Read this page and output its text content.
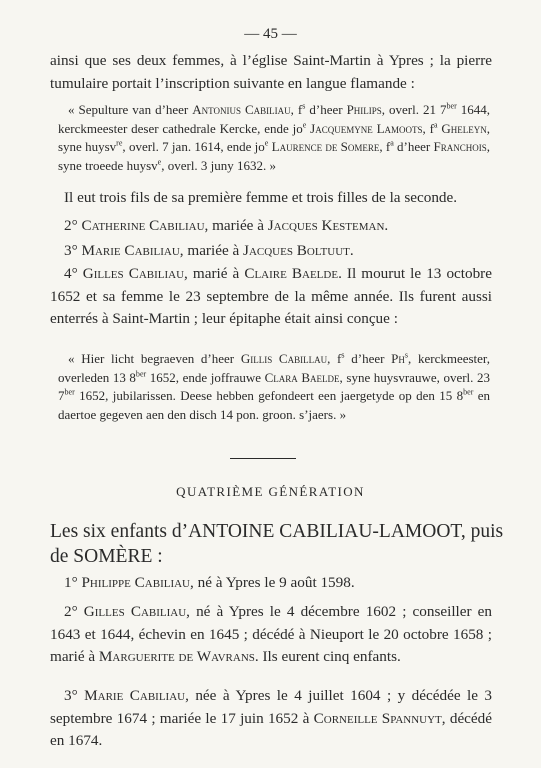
— 45 —

ainsi que ses deux femmes, à l’église Saint-Martin à Ypres ; la pierre tumulaire portait l’inscription suivante en langue flamande :

« Sepulture van d’heer Antonius Cabiliau, $f^s$ d’heer Philips, overl. 21 $7^{ber}$ 1644, kerckmeester deser cathedrale Kercke, ende $jo^e$ Jacquemyne Lamoots, $f^a$ Gheleyn, syne huysv$^{re}$, overl. 7 jan. 1614, ende $jo^e$ Laurence de Somere, $f^a$ d’heer Franchois, syne troeede huysv$^e$, overl. 3 juny 1632. »

Il eut trois fils de sa première femme et trois filles de la seconde.

2° Catherine Cabiliau, mariée à Jacques Kesteman.

3° Marie Cabiliau, mariée à Jacques Boltuut.

4° Gilles Cabiliau, marié à Claire Baelde. Il mourut le 13 octobre 1652 et sa femme le 23 septembre de la même année. Ils furent aussi enterrés à Saint-Martin ; leur épitaphe était ainsi conçue :

« Hier licht begraeven d’heer Gillis Cabillau, $f^s$ d’heer Ph$^s$, kerckmeester, overleden 13 $8^{ber}$ 1652, ende joffrauwe Clara Baelde, syne huysvrauwe, overl. 23 $7^{ber}$ 1652, jubilarissen. Deese hebben gefondeert een jaergetyde op den 15 $8^{ber}$ en daertoe gegeven aen den disch 14 pon. groon. s’jaers. »

QUATRIÈME GÉNÉRATION
Les six enfants d’ANTOINE CABILIAU-LAMOOT, puis de SOMÈRE :

1° Philippe Cabiliau, né à Ypres le 9 août 1598.

2° Gilles Cabiliau, né à Ypres le 4 décembre 1602 ; conseiller en 1643 et 1644, échevin en 1645 ; décédé à Nieuport le 20 octobre 1658 ; marié à Marguerite de Wavrans. Ils eurent cinq enfants.

3° Marie Cabiliau, née à Ypres le 4 juillet 1604 ; y décédée le 3 septembre 1674 ; mariée le 17 juin 1652 à Corneille Spannuyt, décédé en 1674.
